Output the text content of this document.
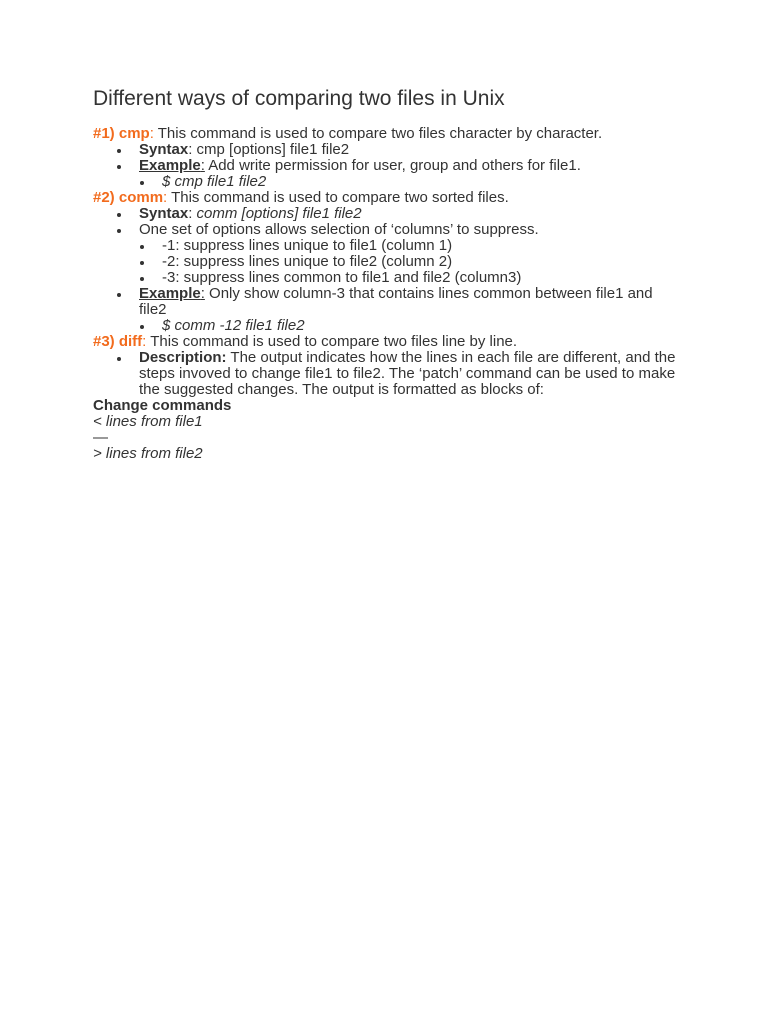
Different ways of comparing two files in Unix

#1) cmp: This command is used to compare two files character by character.

Syntax: cmp [options] file1 file2
Example: Add write permission for user, group and others for file1.
$ cmp file1 file2

#2) comm: This command is used to compare two sorted files.

Syntax: comm [options] file1 file2
One set of options allows selection of ‘columns’ to suppress.
-1: suppress lines unique to file1 (column 1)
-2: suppress lines unique to file2 (column 2)
-3: suppress lines common to file1 and file2 (column3)
Example: Only show column-3 that contains lines common between file1 and file2
$ comm -12 file1 file2

#3) diff: This command is used to compare two files line by line.

Description: The output indicates how the lines in each file are different, and the steps invoved to change file1 to file2. The ‘patch’ command can be used to make the suggested changes. The output is formatted as blocks of:

Change commands

< lines from file1

—

> lines from file2
